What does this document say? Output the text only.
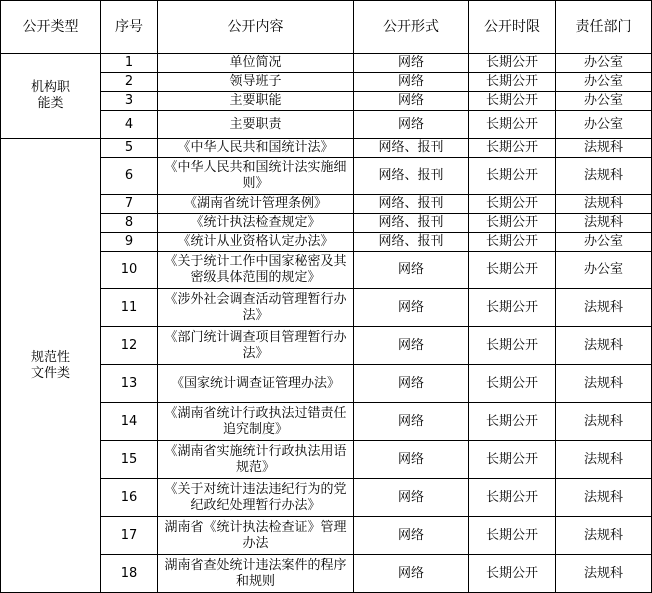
公开类型	序号	公开内容	公开形式	公开时限	责任部门
机构职能类	1	单位简况	网络	长期公开	办公室
	2	领导班子	网络	长期公开	办公室
	3	主要职能	网络	长期公开	办公室
	4	主要职责	网络	长期公开	办公室
规范性文件类	5	《中华人民共和国统计法》	网络、报刊	长期公开	法规科
	6	《中华人民共和国统计法实施细则》	网络、报刊	长期公开	法规科
	7	《湖南省统计管理条例》	网络、报刊	长期公开	法规科
	8	《统计执法检查规定》	网络、报刊	长期公开	法规科
	9	《统计从业资格认定办法》	网络、报刊	长期公开	办公室
	10	《关于统计工作中国家秘密及其密级具体范围的规定》	网络	长期公开	办公室
	11	《涉外社会调查活动管理暂行办法》	网络	长期公开	法规科
	12	《部门统计调查项目管理暂行办法》	网络	长期公开	法规科
	13	《国家统计调查证管理办法》	网络	长期公开	法规科
	14	《湖南省统计行政执法过错责任追究制度》	网络	长期公开	法规科
	15	《湖南省实施统计行政执法用语规范》	网络	长期公开	法规科
	16	《关于对统计违法违纪行为的党纪政纪处理暂行办法》	网络	长期公开	法规科
	17	湖南省《统计执法检查证》管理办法	网络	长期公开	法规科
	18	湖南省查处统计违法案件的程序和规则	网络	长期公开	法规科
